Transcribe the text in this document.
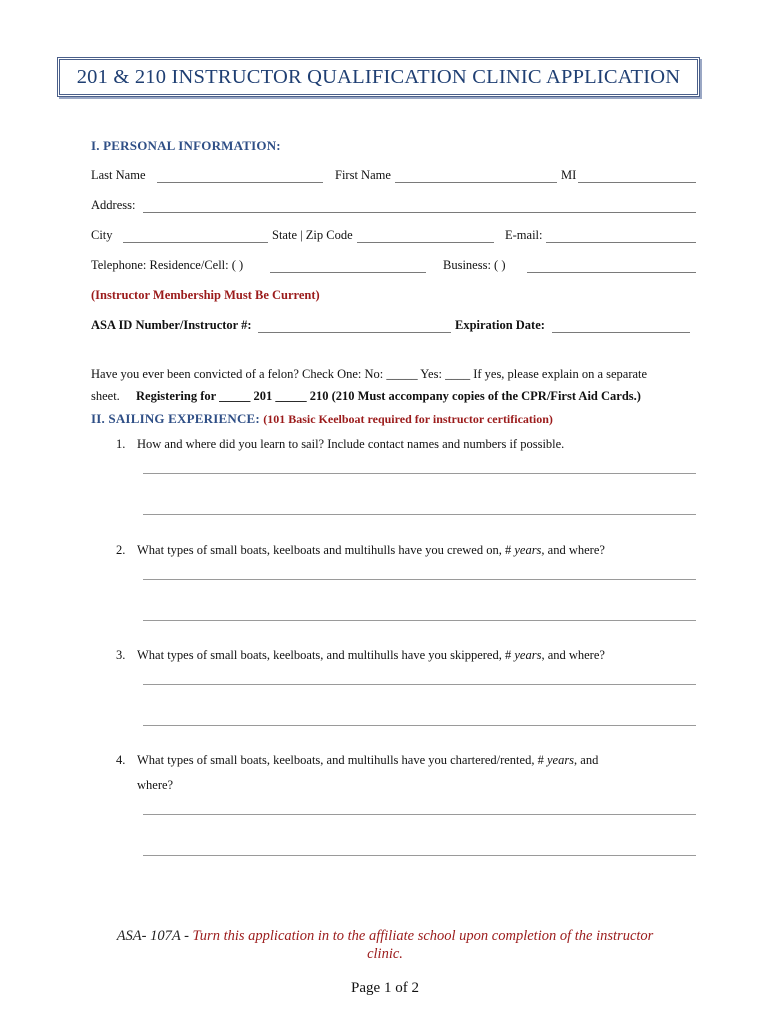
201 & 210 INSTRUCTOR QUALIFICATION CLINIC APPLICATION
I. PERSONAL INFORMATION:
Last Name	First Name	MI
Address:
City	State | Zip Code	E-mail:
Telephone: Residence/Cell: ( )	Business: ( )
(Instructor Membership Must Be Current)
ASA ID Number/Instructor #:	Expiration Date:
Have you ever been convicted of a felon? Check One: No: _____ Yes: ____ If yes, please explain on a separate
sheet. Registering for _____ 201 _____ 210 (210 Must accompany copies of the CPR/First Aid Cards.)
II. SAILING EXPERIENCE: (101 Basic Keelboat required for instructor certification)
1. How and where did you learn to sail? Include contact names and numbers if possible.
2. What types of small boats, keelboats and multihulls have you crewed on, # years, and where?
3. What types of small boats, keelboats, and multihulls have you skippered, # years, and where?
4. What types of small boats, keelboats, and multihulls have you chartered/rented, # years, and
where?
ASA- 107A - Turn this application in to the affiliate school upon completion of the instructor
clinic.
Page 1 of 2
